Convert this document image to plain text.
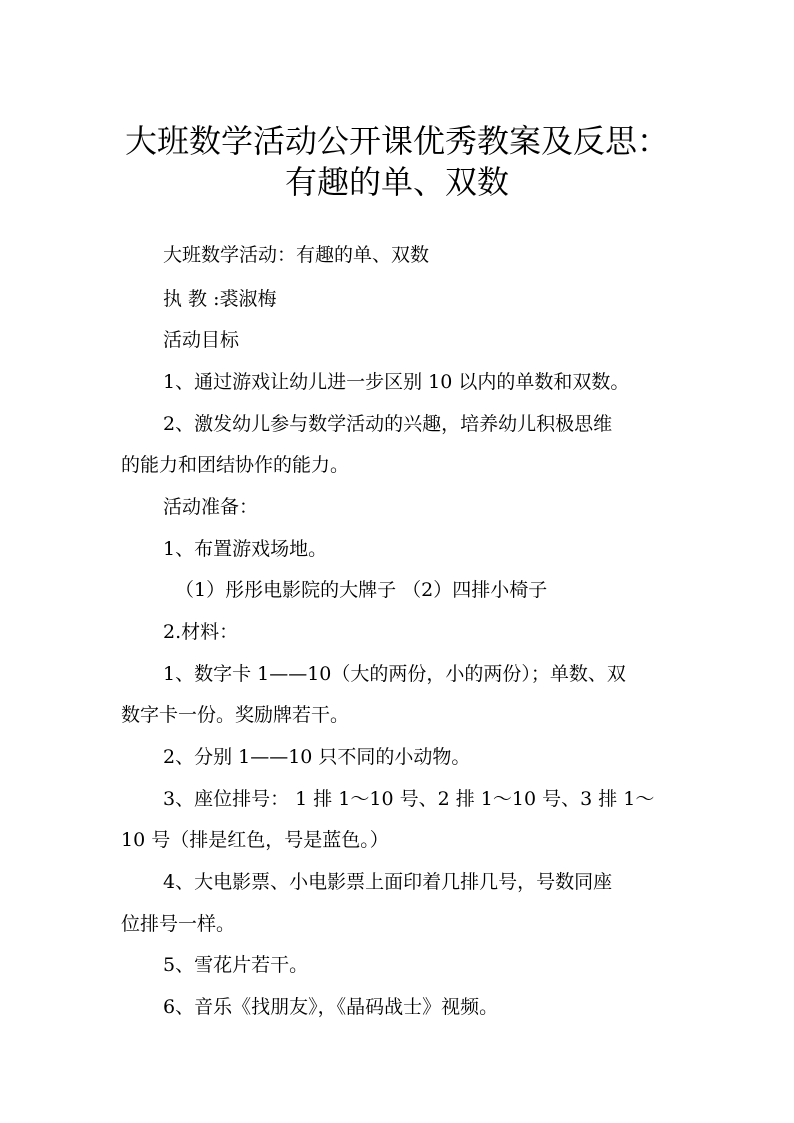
大班数学活动公开课优秀教案及反思：
有趣的单、双数
大班数学活动：有趣的单、双数
执 教 :裘淑梅
活动目标
1、通过游戏让幼儿进一步区别 10 以内的单数和双数。
2、激发幼儿参与数学活动的兴趣，培养幼儿积极思维
的能力和团结协作的能力。
活动准备：
1、布置游戏场地。
（1）彤彤电影院的大牌子 （2）四排小椅子
2.材料：
1、数字卡 1——10（大的两份，小的两份）；单数、双
数字卡一份。奖励牌若干。
2、分别 1——10 只不同的小动物。
3、座位排号： 1 排 1～10 号、2 排 1～10 号、3 排 1～
10 号（排是红色，号是蓝色。）
4、大电影票、小电影票上面印着几排几号，号数同座
位排号一样。
5、雪花片若干。
6、音乐《找朋友》，《晶码战士》视频。
